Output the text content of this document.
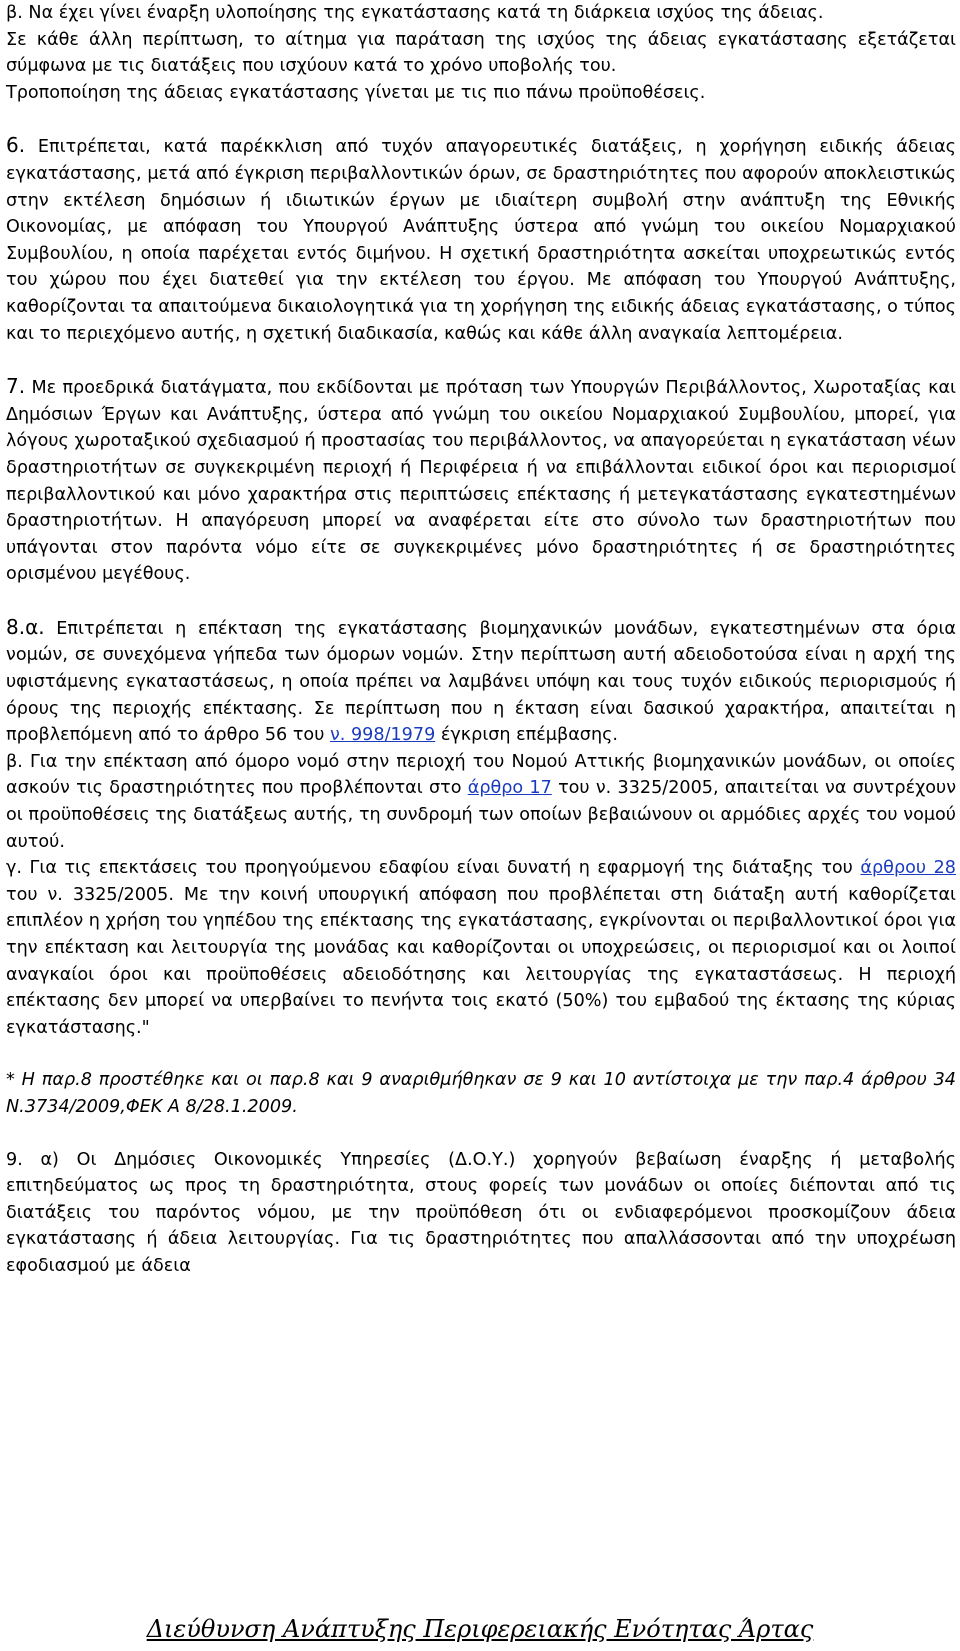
β. Να έχει γίνει έναρξη υλοποίησης της εγκατάστασης κατά τη διάρκεια ισχύος της άδειας.

Σε κάθε άλλη περίπτωση, το αίτημα για παράταση της ισχύος της άδειας εγκατάστασης εξετάζεται σύμφωνα με τις διατάξεις που ισχύουν κατά το χρόνο υποβολής του.

Τροποποίηση της άδειας εγκατάστασης γίνεται με τις πιο πάνω προϋποθέσεις.

6. Επιτρέπεται, κατά παρέκκλιση από τυχόν απαγορευτικές διατάξεις, η χορήγηση ειδικής άδειας εγκατάστασης, μετά από έγκριση περιβαλλοντικών όρων, σε δραστηριότητες που αφορούν αποκλειστικώς στην εκτέλεση δημόσιων ή ιδιωτικών έργων με ιδιαίτερη συμβολή στην ανάπτυξη της Εθνικής Οικονομίας, με απόφαση του Υπουργού Ανάπτυξης ύστερα από γνώμη του οικείου Νομαρχιακού Συμβουλίου, η οποία παρέχεται εντός διμήνου. Η σχετική δραστηριότητα ασκείται υποχρεωτικώς εντός του χώρου που έχει διατεθεί για την εκτέλεση του έργου. Με απόφαση του Υπουργού Ανάπτυξης, καθορίζονται τα απαιτούμενα δικαιολογητικά για τη χορήγηση της ειδικής άδειας εγκατάστασης, ο τύπος και το περιεχόμενο αυτής, η σχετική διαδικασία, καθώς και κάθε άλλη αναγκαία λεπτομέρεια.

7. Με προεδρικά διατάγματα, που εκδίδονται με πρόταση των Υπουργών Περιβάλλοντος, Χωροταξίας και Δημόσιων Έργων και Ανάπτυξης, ύστερα από γνώμη του οικείου Νομαρχιακού Συμβουλίου, μπορεί, για λόγους χωροταξικού σχεδιασμού ή προστασίας του περιβάλλοντος, να απαγορεύεται η εγκατάσταση νέων δραστηριοτήτων σε συγκεκριμένη περιοχή ή Περιφέρεια ή να επιβάλλονται ειδικοί όροι και περιορισμοί περιβαλλοντικού και μόνο χαρακτήρα στις περιπτώσεις επέκτασης ή μετεγκατάστασης εγκατεστημένων δραστηριοτήτων. Η απαγόρευση μπορεί να αναφέρεται είτε στο σύνολο των δραστηριοτήτων που υπάγονται στον παρόντα νόμο είτε σε συγκεκριμένες μόνο δραστηριότητες ή σε δραστηριότητες ορισμένου μεγέθους.

8.α. Επιτρέπεται η επέκταση της εγκατάστασης βιομηχανικών μονάδων, εγκατεστημένων στα όρια νομών, σε συνεχόμενα γήπεδα των όμορων νομών. Στην περίπτωση αυτή αδειοδοτούσα είναι η αρχή της υφιστάμενης εγκαταστάσεως, η οποία πρέπει να λαμβάνει υπόψη και τους τυχόν ειδικούς περιορισμούς ή όρους της περιοχής επέκτασης. Σε περίπτωση που η έκταση είναι δασικού χαρακτήρα, απαιτείται η προβλεπόμενη από το άρθρο 56 του ν. 998/1979 έγκριση επέμβασης.

β. Για την επέκταση από όμορο νομό στην περιοχή του Νομού Αττικής βιομηχανικών μονάδων, οι οποίες ασκούν τις δραστηριότητες που προβλέπονται στο άρθρο 17 του ν. 3325/2005, απαιτείται να συντρέχουν οι προϋποθέσεις της διατάξεως αυτής, τη συνδρομή των οποίων βεβαιώνουν οι αρμόδιες αρχές του νομού αυτού.

γ. Για τις επεκτάσεις του προηγούμενου εδαφίου είναι δυνατή η εφαρμογή της διάταξης του άρθρου 28 του ν. 3325/2005. Με την κοινή υπουργική απόφαση που προβλέπεται στη διάταξη αυτή καθορίζεται επιπλέον η χρήση του γηπέδου της επέκτασης της εγκατάστασης, εγκρίνονται οι περιβαλλοντικοί όροι για την επέκταση και λειτουργία της μονάδας και καθορίζονται οι υποχρεώσεις, οι περιορισμοί και οι λοιποί αναγκαίοι όροι και προϋποθέσεις αδειοδότησης και λειτουργίας της εγκαταστάσεως. Η περιοχή επέκτασης δεν μπορεί να υπερβαίνει το πενήντα τοις εκατό (50%) του εμβαδού της έκτασης της κύριας εγκατάστασης."

* Η παρ.8 προστέθηκε και οι παρ.8 και 9 αναριθμήθηκαν σε 9 και 10 αντίστοιχα με την παρ.4 άρθρου 34 Ν.3734/2009,ΦΕΚ Α 8/28.1.2009.

9. α) Οι Δημόσιες Οικονομικές Υπηρεσίες (Δ.Ο.Υ.) χορηγούν βεβαίωση έναρξης ή μεταβολής επιτηδεύματος ως προς τη δραστηριότητα, στους φορείς των μονάδων οι οποίες διέπονται από τις διατάξεις του παρόντος νόμου, με την προϋπόθεση ότι οι ενδιαφερόμενοι προσκομίζουν άδεια εγκατάστασης ή άδεια λειτουργίας. Για τις δραστηριότητες που απαλλάσσονται από την υποχρέωση εφοδιασμού με άδεια

Διεύθυνση Ανάπτυξης Περιφερειακής Ενότητας Άρτας
